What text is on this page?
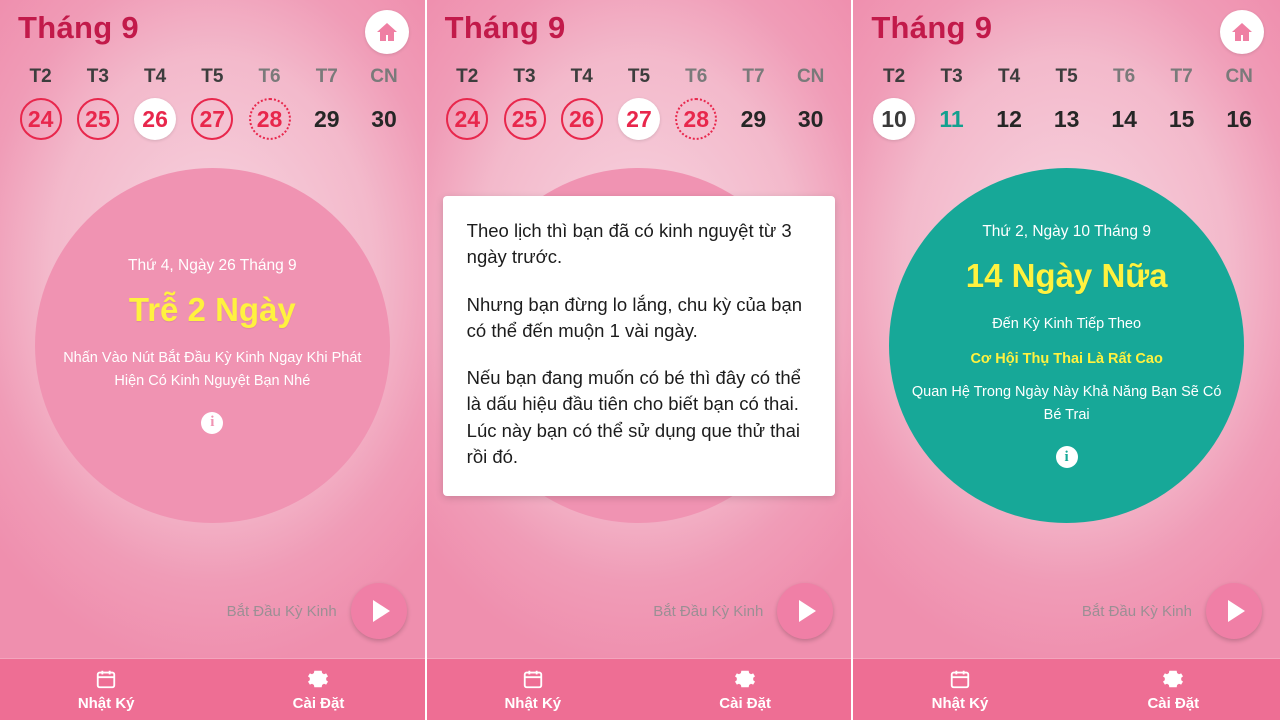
Tháng 9
T2	T3	T4	T5	T6	T7	CN
24	25	26	27	28	29	30
Thứ 4, Ngày 26 Tháng 9
Trễ 2 Ngày
Nhấn Vào Nút Bắt Đầu Kỳ Kinh Ngay Khi Phát Hiện Có Kinh Nguyệt Bạn Nhé
i
Bắt Đầu Kỳ Kinh
Nhật Ký	Cài Đặt
Tháng 9
T2	T3	T4	T5	T6	T7	CN
24	25	26	27	28	29	30

Theo lịch thì bạn đã có kinh nguyệt từ 3 ngày trước.

Nhưng bạn đừng lo lắng, chu kỳ của bạn có thể đến muộn 1 vài ngày.

Nếu bạn đang muốn có bé thì đây có thể là dấu hiệu đầu tiên cho biết bạn có thai. Lúc này bạn có thể sử dụng que thử thai rồi đó.

Bắt Đầu Kỳ Kinh
Nhật Ký	Cài Đặt
Tháng 9
T2	T3	T4	T5	T6	T7	CN
10	11	12	13	14	15	16
Thứ 2, Ngày 10 Tháng 9
14 Ngày Nữa
Đến Kỳ Kinh Tiếp Theo
Cơ Hội Thụ Thai Là Rất Cao
Quan Hệ Trong Ngày Này Khả Năng Bạn Sẽ Có Bé Trai
i
Bắt Đầu Kỳ Kinh
Nhật Ký	Cài Đặt
